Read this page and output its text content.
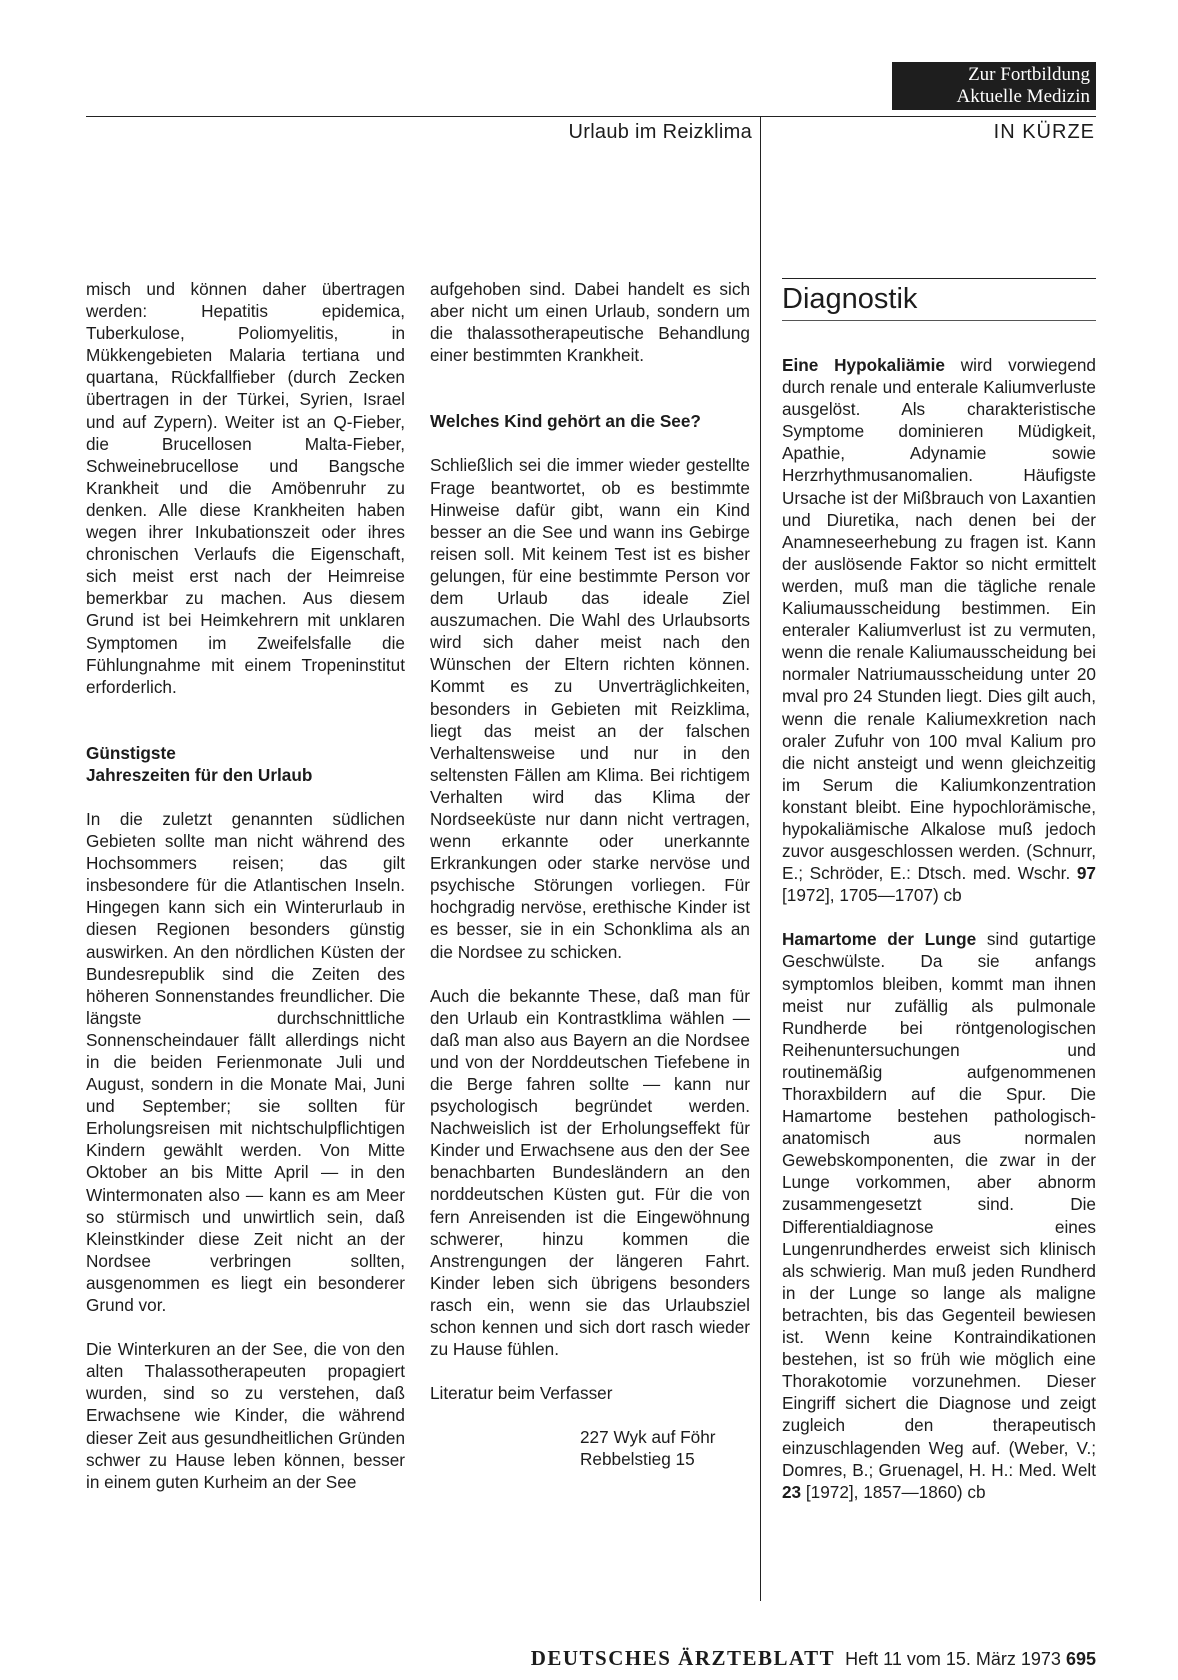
Zur Fortbildung
Aktuelle Medizin
Urlaub im Reizklima	IN KÜRZE

misch und können daher übertragen werden: Hepatitis epidemica, Tuberkulose, Poliomyelitis, in Mükkengebieten Malaria tertiana und quartana, Rückfallfieber (durch Zecken übertragen in der Türkei, Syrien, Israel und auf Zypern). Weiter ist an Q-Fieber, die Brucellosen Malta-Fieber, Schweinebrucellose und Bangsche Krankheit und die Amöbenruhr zu denken. Alle diese Krankheiten haben wegen ihrer Inkubationszeit oder ihres chronischen Verlaufs die Eigenschaft, sich meist erst nach der Heimreise bemerkbar zu machen. Aus diesem Grund ist bei Heimkehrern mit unklaren Symptomen im Zweifelsfalle die Fühlungnahme mit einem Tropeninstitut erforderlich.

Günstigste
Jahreszeiten für den Urlaub

In die zuletzt genannten südlichen Gebieten sollte man nicht während des Hochsommers reisen; das gilt insbesondere für die Atlantischen Inseln. Hingegen kann sich ein Winterurlaub in diesen Regionen besonders günstig auswirken. An den nördlichen Küsten der Bundesrepublik sind die Zeiten des höheren Sonnenstandes freundlicher. Die längste durchschnittliche Sonnenscheindauer fällt allerdings nicht in die beiden Ferienmonate Juli und August, sondern in die Monate Mai, Juni und September; sie sollten für Erholungsreisen mit nichtschulpflichtigen Kindern gewählt werden. Von Mitte Oktober an bis Mitte April — in den Wintermonaten also — kann es am Meer so stürmisch und unwirtlich sein, daß Kleinstkinder diese Zeit nicht an der Nordsee verbringen sollten, ausgenommen es liegt ein besonderer Grund vor.

Die Winterkuren an der See, die von den alten Thalassotherapeuten propagiert wurden, sind so zu verstehen, daß Erwachsene wie Kinder, die während dieser Zeit aus gesundheitlichen Gründen schwer zu Hause leben können, besser in einem guten Kurheim an der See

aufgehoben sind. Dabei handelt es sich aber nicht um einen Urlaub, sondern um die thalassotherapeutische Behandlung einer bestimmten Krankheit.

Welches Kind gehört an die See?

Schließlich sei die immer wieder gestellte Frage beantwortet, ob es bestimmte Hinweise dafür gibt, wann ein Kind besser an die See und wann ins Gebirge reisen soll. Mit keinem Test ist es bisher gelungen, für eine bestimmte Person vor dem Urlaub das ideale Ziel auszumachen. Die Wahl des Urlaubsorts wird sich daher meist nach den Wünschen der Eltern richten können. Kommt es zu Unverträglichkeiten, besonders in Gebieten mit Reizklima, liegt das meist an der falschen Verhaltensweise und nur in den seltensten Fällen am Klima. Bei richtigem Verhalten wird das Klima der Nordseeküste nur dann nicht vertragen, wenn erkannte oder unerkannte Erkrankungen oder starke nervöse und psychische Störungen vorliegen. Für hochgradig nervöse, erethische Kinder ist es besser, sie in ein Schonklima als an die Nordsee zu schicken.

Auch die bekannte These, daß man für den Urlaub ein Kontrastklima wählen — daß man also aus Bayern an die Nordsee und von der Norddeutschen Tiefebene in die Berge fahren sollte — kann nur psychologisch begründet werden. Nachweislich ist der Erholungseffekt für Kinder und Erwachsene aus den der See benachbarten Bundesländern an den norddeutschen Küsten gut. Für die von fern Anreisenden ist die Eingewöhnung schwerer, hinzu kommen die Anstrengungen der längeren Fahrt. Kinder leben sich übrigens besonders rasch ein, wenn sie das Urlaubsziel schon kennen und sich dort rasch wieder zu Hause fühlen.

Literatur beim Verfasser

227 Wyk auf Föhr

Rebbelstieg 15

Diagnostik

Eine Hypokaliämie wird vorwiegend durch renale und enterale Kaliumverluste ausgelöst. Als charakteristische Symptome dominieren Müdigkeit, Apathie, Adynamie sowie Herzrhythmusanomalien. Häufigste Ursache ist der Mißbrauch von Laxantien und Diuretika, nach denen bei der Anamneseerhebung zu fragen ist. Kann der auslösende Faktor so nicht ermittelt werden, muß man die tägliche renale Kaliumausscheidung bestimmen. Ein enteraler Kaliumverlust ist zu vermuten, wenn die renale Kaliumausscheidung bei normaler Natriumausscheidung unter 20 mval pro 24 Stunden liegt. Dies gilt auch, wenn die renale Kaliumexkretion nach oraler Zufuhr von 100 mval Kalium pro die nicht ansteigt und wenn gleichzeitig im Serum die Kaliumkonzentration konstant bleibt. Eine hypochlorämische, hypokaliämische Alkalose muß jedoch zuvor ausgeschlossen werden. (Schnurr, E.; Schröder, E.: Dtsch. med. Wschr. 97 [1972], 1705—1707) cb

Hamartome der Lunge sind gutartige Geschwülste. Da sie anfangs symptomlos bleiben, kommt man ihnen meist nur zufällig als pulmonale Rundherde bei röntgenologischen Reihenuntersuchungen und routinemäßig aufgenommenen Thoraxbildern auf die Spur. Die Hamartome bestehen pathologisch-anatomisch aus normalen Gewebskomponenten, die zwar in der Lunge vorkommen, aber abnorm zusammengesetzt sind. Die Differentialdiagnose eines Lungenrundherdes erweist sich klinisch als schwierig. Man muß jeden Rundherd in der Lunge so lange als maligne betrachten, bis das Gegenteil bewiesen ist. Wenn keine Kontraindikationen bestehen, ist so früh wie möglich eine Thorakotomie vorzunehmen. Dieser Eingriff sichert die Diagnose und zeigt zugleich den therapeutisch einzuschlagenden Weg auf. (Weber, V.; Domres, B.; Gruenagel, H. H.: Med. Welt 23 [1972], 1857—1860) cb

DEUTSCHES ÄRZTEBLATT Heft 11 vom 15. März 1973 695
